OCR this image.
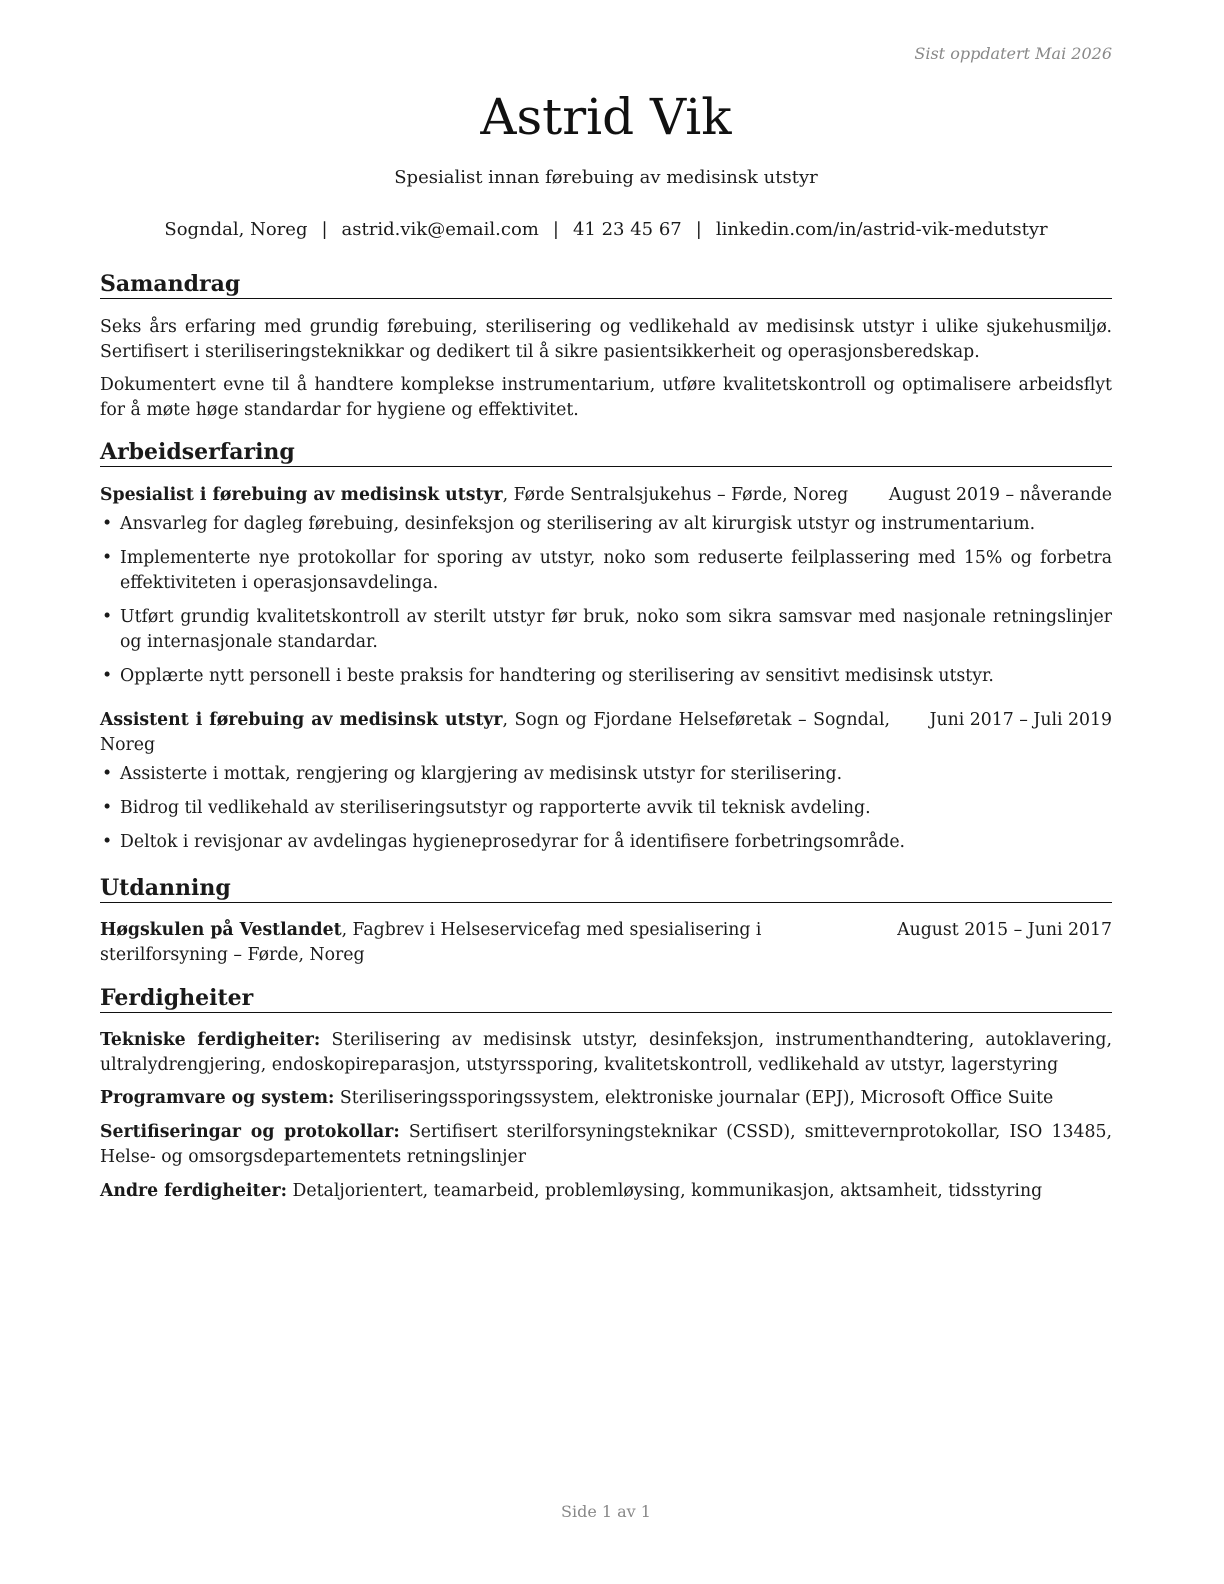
Sist oppdatert Mai 2026
Astrid Vik
Spesialist innan førebuing av medisinsk utstyr
Sogndal, Noreg | astrid.vik@email.com | 41 23 45 67 | linkedin.com/in/astrid-vik-medutstyr
Samandrag
Seks års erfaring med grundig førebuing, sterilisering og vedlikehald av medisinsk utstyr i ulike sjukehusmiljø. Sertifisert i steriliseringsteknikkar og dedikert til å sikre pasientsikkerheit og operasjonsberedskap.
Dokumentert evne til å handtere komplekse instrumentarium, utføre kvalitetskontroll og optimalisere arbeidsflyt for å møte høge standardar for hygiene og effektivitet.
Arbeidserfaring
Spesialist i førebuing av medisinsk utstyr, Førde Sentralsjukehus – Førde, Noreg August 2019 – nåverande
• Ansvarleg for dagleg førebuing, desinfeksjon og sterilisering av alt kirurgisk utstyr og instrumentarium.
• Implementerte nye protokollar for sporing av utstyr, noko som reduserte feilplassering med 15% og forbetra effektiviteten i operasjonsavdelinga.
• Utført grundig kvalitetskontroll av sterilt utstyr før bruk, noko som sikra samsvar med nasjonale retningslinjer og internasjonale standardar.
• Opplærte nytt personell i beste praksis for handtering og sterilisering av sensitivt medisinsk utstyr.
Assistent i førebuing av medisinsk utstyr, Sogn og Fjordane Helseføretak – Sogndal, Noreg
Juni 2017 – Juli 2019
• Assisterte i mottak, rengjering og klargjering av medisinsk utstyr for sterilisering.
• Bidrog til vedlikehald av steriliseringsutstyr og rapporterte avvik til teknisk avdeling.
• Deltok i revisjonar av avdelingas hygieneprosedyrar for å identifisere forbetringsområde.
Utdanning
Høgskulen på Vestlandet, Fagbrev i Helseservicefag med spesialisering i sterilforsyning – Førde, Noreg
August 2015 – Juni 2017
Ferdigheiter
Tekniske ferdigheiter: Sterilisering av medisinsk utstyr, desinfeksjon, instrumenthandtering, autoklavering, ultralydrengjering, endoskopireparasjon, utstyrssporing, kvalitetskontroll, vedlikehald av utstyr, lagerstyring
Programvare og system: Steriliseringssporingssystem, elektroniske journalar (EPJ), Microsoft Office Suite
Sertifiseringar og protokollar: Sertifisert sterilforsyningsteknikar (CSSD), smittevernprotokollar, ISO 13485, Helse- og omsorgsdepartementets retningslinjer
Andre ferdigheiter: Detaljorientert, teamarbeid, problemløysing, kommunikasjon, aktsamheit, tidsstyring
Side 1 av 1
